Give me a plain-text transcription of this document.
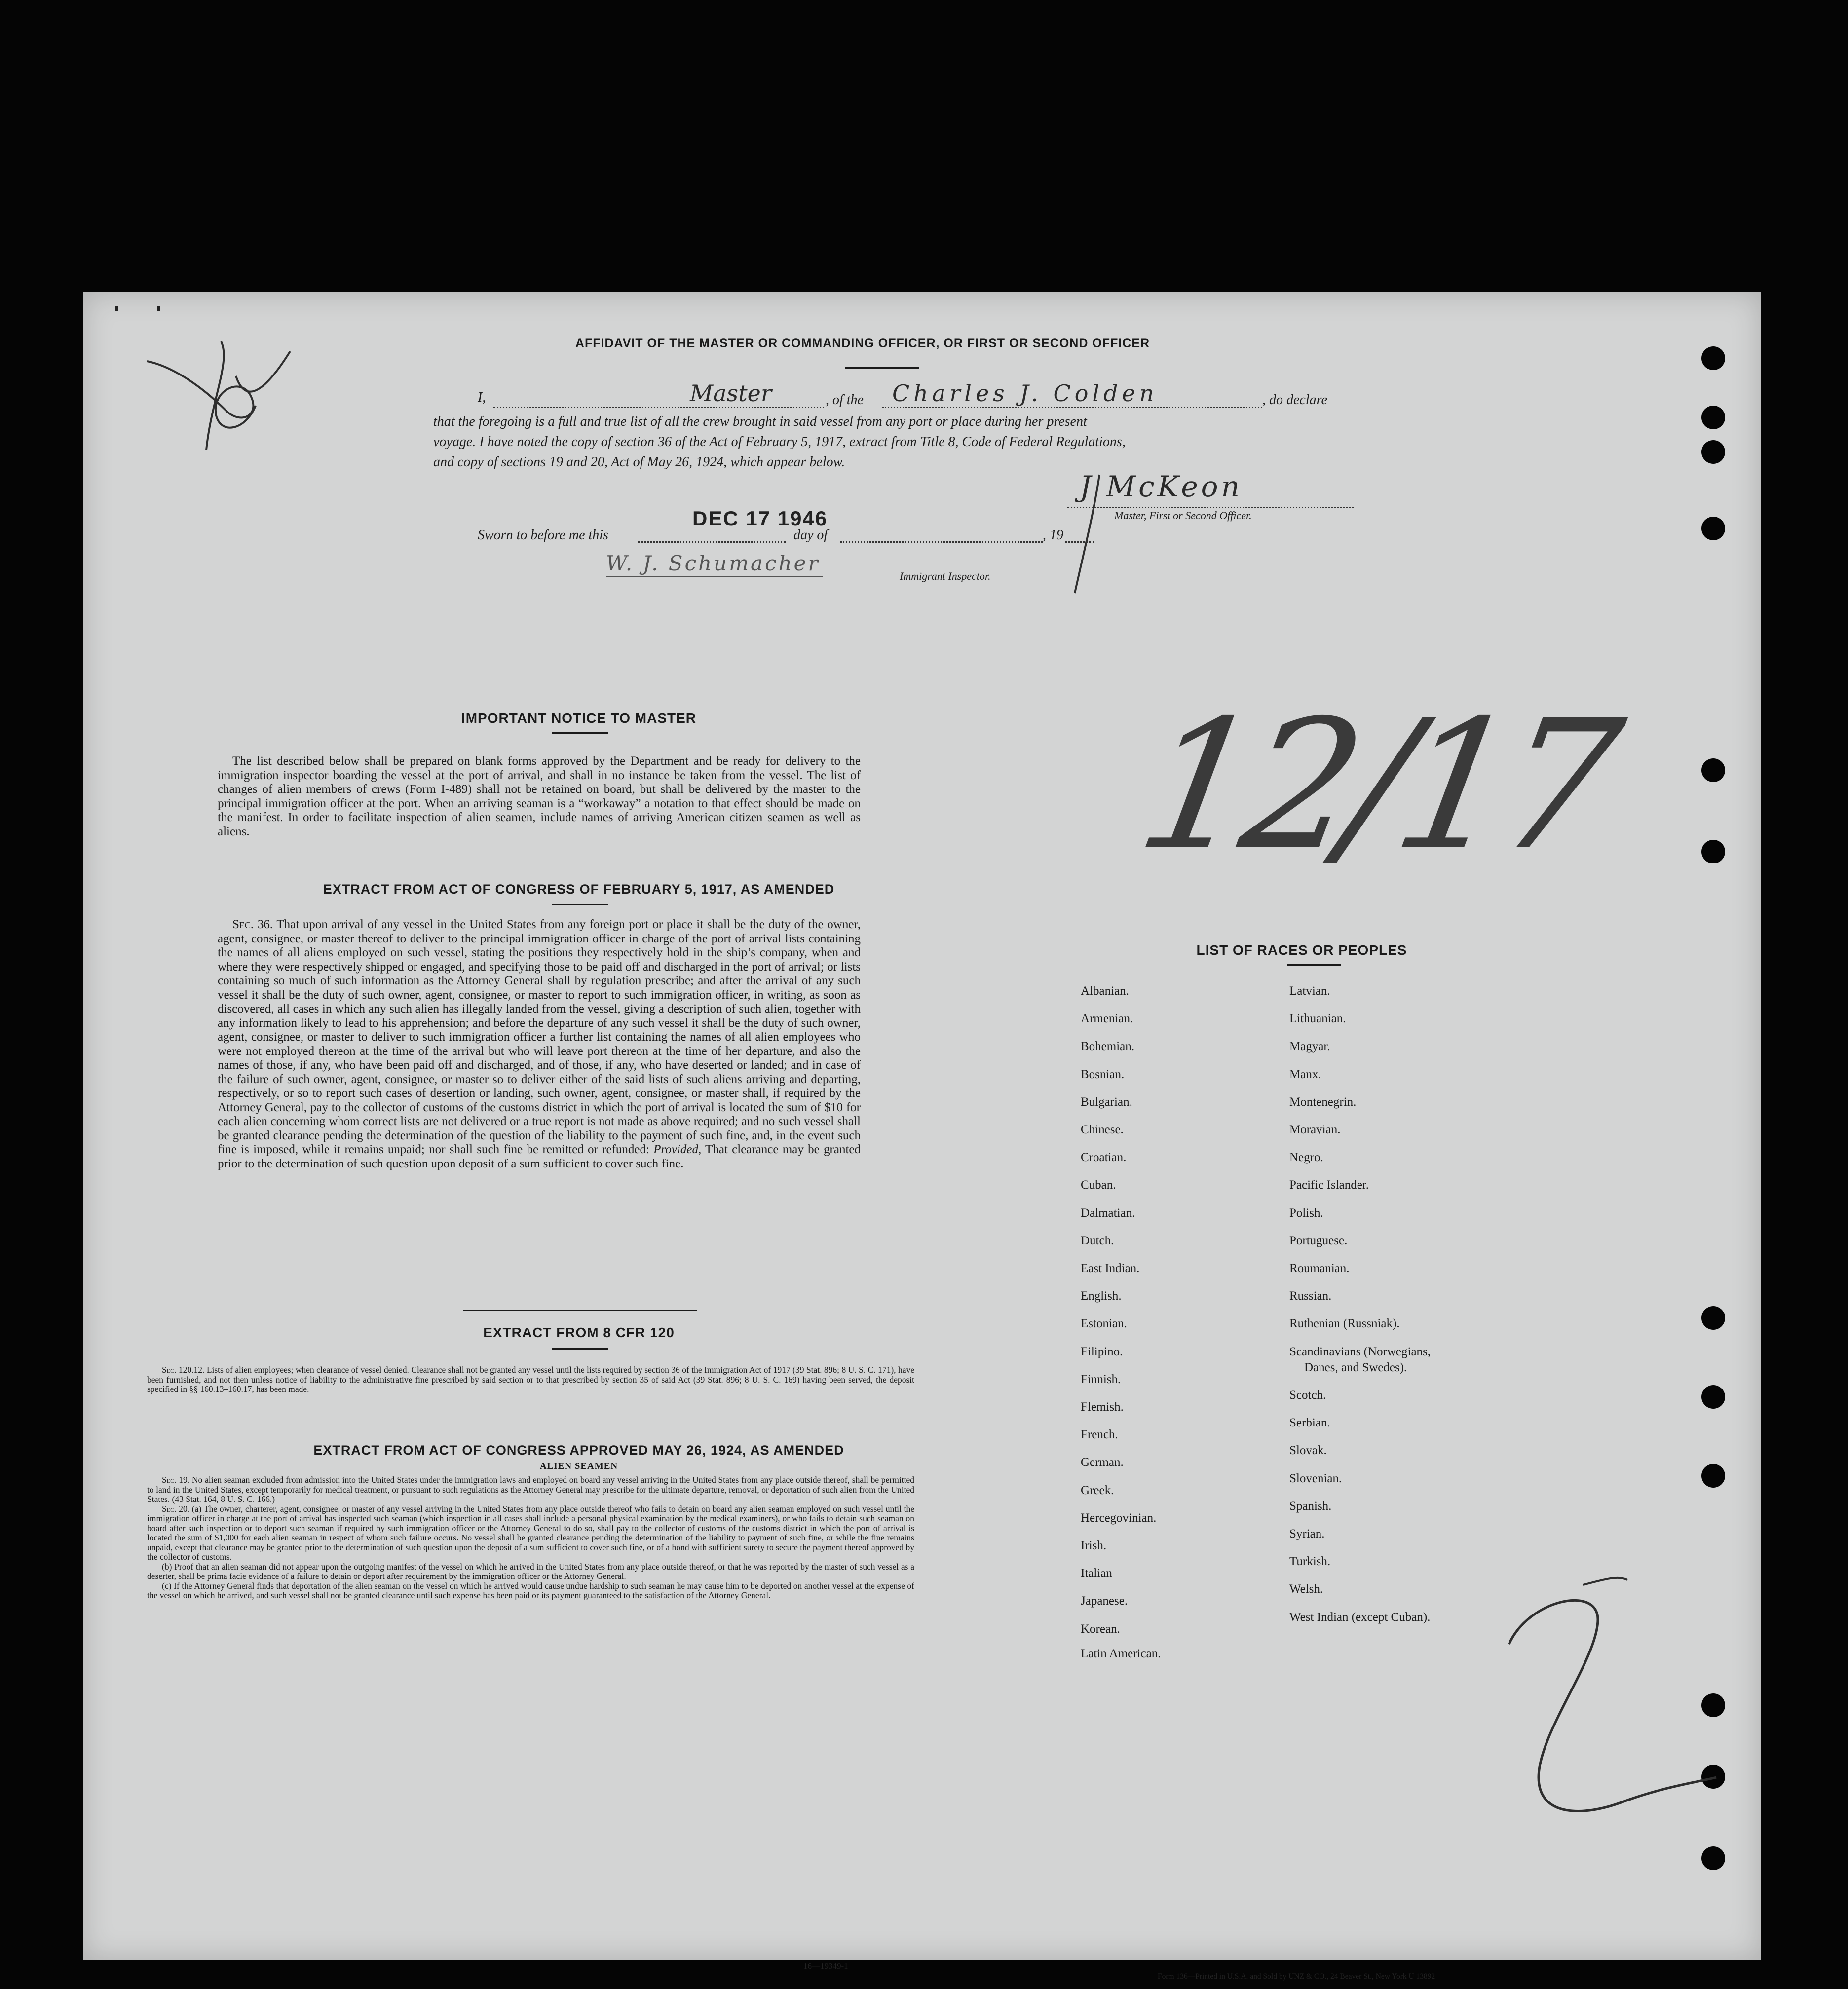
AFFIDAVIT OF THE MASTER OR COMMANDING OFFICER, OR FIRST OR SECOND OFFICER
I,	Master	, of the Charles J. Colden	, do declare
that the foregoing is a full and true list of all the crew brought in said vessel from any port or place during her present
voyage. I have noted the copy of section 36 of the Act of February 5, 1917, extract from Title 8, Code of Federal Regulations,
and copy of sections 19 and 20, Act of May 26, 1924, which appear below.
J McKeon
Master, First or Second Officer.
Sworn to before me this
DEC 17 1946
day of	, 19
W. J. Schumacher
Immigrant Inspector.
12/17
IMPORTANT NOTICE TO MASTER
The list described below shall be prepared on blank forms approved by the Department and be ready for delivery to the immigration inspector boarding the vessel at the port of arrival, and shall in no instance be taken from the vessel. The list of changes of alien members of crews (Form I-489) shall not be retained on board, but shall be delivered by the master to the principal immigration officer at the port. When an arriving seaman is a “workaway” a notation to that effect should be made on the manifest. In order to facilitate inspection of alien seamen, include names of arriving American citizen seamen as well as aliens.
EXTRACT FROM ACT OF CONGRESS OF FEBRUARY 5, 1917, AS AMENDED
Sec. 36. That upon arrival of any vessel in the United States from any foreign port or place it shall be the duty of the owner, agent, consignee, or master thereof to deliver to the principal immigration officer in charge of the port of arrival lists containing the names of all aliens employed on such vessel, stating the positions they respectively hold in the ship’s company, when and where they were respectively shipped or engaged, and specifying those to be paid off and discharged in the port of arrival; or lists containing so much of such information as the Attorney General shall by regulation prescribe; and after the arrival of any such vessel it shall be the duty of such owner, agent, consignee, or master to report to such immigration officer, in writing, as soon as discovered, all cases in which any such alien has illegally landed from the vessel, giving a description of such alien, together with any information likely to lead to his apprehension; and before the departure of any such vessel it shall be the duty of such owner, agent, consignee, or master to deliver to such immigration officer a further list containing the names of all alien employees who were not employed thereon at the time of the arrival but who will leave port thereon at the time of her departure, and also the names of those, if any, who have been paid off and discharged, and of those, if any, who have deserted or landed; and in case of the failure of such owner, agent, consignee, or master so to deliver either of the said lists of such aliens arriving and departing, respectively, or so to report such cases of desertion or landing, such owner, agent, consignee, or master shall, if required by the Attorney General, pay to the collector of customs of the customs district in which the port of arrival is located the sum of $10 for each alien concerning whom correct lists are not delivered or a true report is not made as above required; and no such vessel shall be granted clearance pending the determination of the question of the liability to the payment of such fine, and, in the event such fine is imposed, while it remains unpaid; nor shall such fine be remitted or refunded: Provided, That clearance may be granted prior to the determination of such question upon deposit of a sum sufficient to cover such fine.
EXTRACT FROM 8 CFR 120
Sec. 120.12. Lists of alien employees; when clearance of vessel denied. Clearance shall not be granted any vessel until the lists required by section 36 of the Immigration Act of 1917 (39 Stat. 896; 8 U. S. C. 171), have been furnished, and not then unless notice of liability to the administrative fine prescribed by said section or to that prescribed by section 35 of said Act (39 Stat. 896; 8 U. S. C. 169) having been served, the deposit specified in §§ 160.13–160.17, has been made.
EXTRACT FROM ACT OF CONGRESS APPROVED MAY 26, 1924, AS AMENDED
ALIEN SEAMEN
Sec. 19. No alien seaman excluded from admission into the United States under the immigration laws and employed on board any vessel arriving in the United States from any place outside thereof, shall be permitted to land in the United States, except temporarily for medical treatment, or pursuant to such regulations as the Attorney General may prescribe for the ultimate departure, removal, or deportation of such alien from the United States. (43 Stat. 164, 8 U. S. C. 166.)
Sec. 20. (a) The owner, charterer, agent, consignee, or master of any vessel arriving in the United States from any place outside thereof who fails to detain on board any alien seaman employed on such vessel until the immigration officer in charge at the port of arrival has inspected such seaman (which inspection in all cases shall include a personal physical examination by the medical examiners), or who fails to detain such seaman on board after such inspection or to deport such seaman if required by such immigration officer or the Attorney General to do so, shall pay to the collector of customs of the customs district in which the port of arrival is located the sum of $1,000 for each alien seaman in respect of whom such failure occurs. No vessel shall be granted clearance pending the determination of the liability to payment of such fine, or while the fine remains unpaid, except that clearance may be granted prior to the determination of such question upon the deposit of a sum sufficient to cover such fine, or of a bond with sufficient surety to secure the payment thereof approved by the collector of customs.
(b) Proof that an alien seaman did not appear upon the outgoing manifest of the vessel on which he arrived in the United States from any place outside thereof, or that he was reported by the master of such vessel as a deserter, shall be prima facie evidence of a failure to detain or deport after requirement by the immigration officer or the Attorney General.
(c) If the Attorney General finds that deportation of the alien seaman on the vessel on which he arrived would cause undue hardship to such seaman he may cause him to be deported on another vessel at the expense of the vessel on which he arrived, and such vessel shall not be granted clearance until such expense has been paid or its payment guaranteed to the satisfaction of the Attorney General.
16—19349-1
LIST OF RACES OR PEOPLES
Form 136—Printed in U.S.A. and Sold by UNZ & CO., 24 Beaver St., New York U 13892
Albanian.
Armenian.
Bohemian.
Bosnian.
Bulgarian.
Chinese.
Croatian.
Cuban.
Dalmatian.
Dutch.
East Indian.
English.
Estonian.
Filipino.
Finnish.
Flemish.
French.
German.
Greek.
Hercegovinian.
Irish.
Italian
Japanese.
Korean.
Latin American.
Latvian.
Lithuanian.
Magyar.
Manx.
Montenegrin.
Moravian.
Negro.
Pacific Islander.
Polish.
Portuguese.
Roumanian.
Russian.
Ruthenian (Russniak).
Scandinavians (Norwegians,
Danes, and Swedes).
Scotch.
Serbian.
Slovak.
Slovenian.
Spanish.
Syrian.
Turkish.
Welsh.
West Indian (except Cuban).
